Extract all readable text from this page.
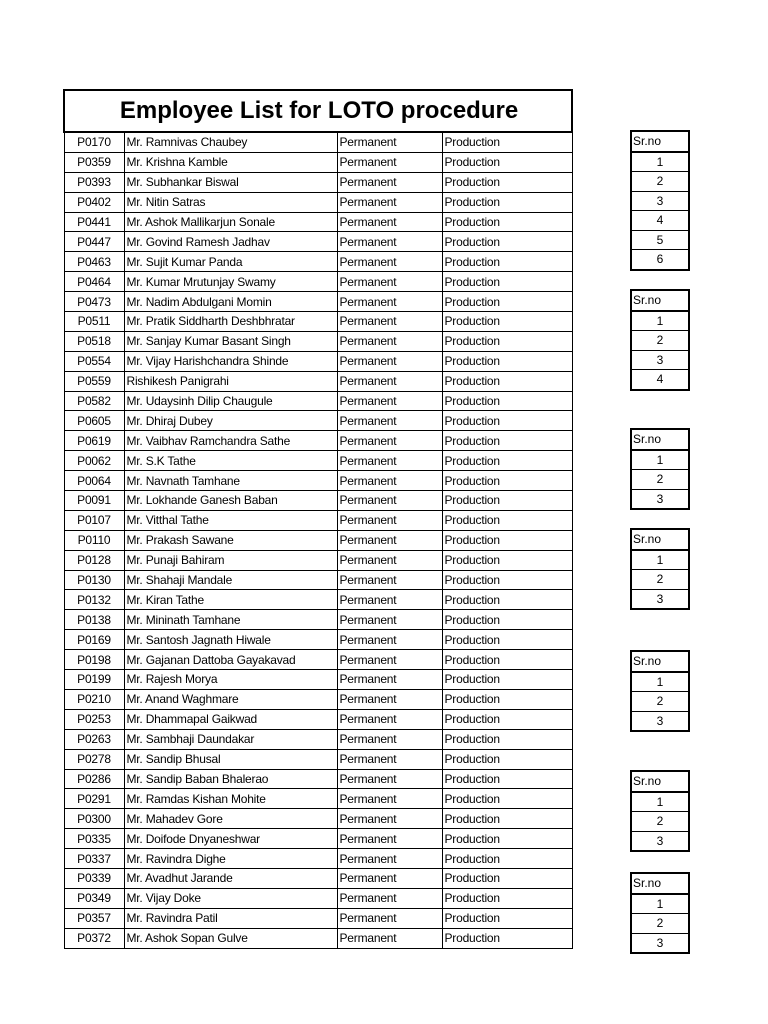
Employee List for LOTO procedure			
P0170	Mr. Ramnivas Chaubey	Permanent	Production
P0359	Mr. Krishna Kamble	Permanent	Production
P0393	Mr. Subhankar Biswal	Permanent	Production
P0402	Mr. Nitin Satras	Permanent	Production
P0441	Mr. Ashok Mallikarjun Sonale	Permanent	Production
P0447	Mr. Govind Ramesh Jadhav	Permanent	Production
P0463	Mr. Sujit Kumar Panda	Permanent	Production
P0464	Mr. Kumar Mrutunjay Swamy	Permanent	Production
P0473	Mr. Nadim Abdulgani Momin	Permanent	Production
P0511	Mr. Pratik Siddharth Deshbhratar	Permanent	Production
P0518	Mr. Sanjay Kumar Basant Singh	Permanent	Production
P0554	Mr. Vijay Harishchandra Shinde	Permanent	Production
P0559	Rishikesh Panigrahi	Permanent	Production
P0582	Mr. Udaysinh Dilip Chaugule	Permanent	Production
P0605	Mr. Dhiraj Dubey	Permanent	Production
P0619	Mr. Vaibhav Ramchandra Sathe	Permanent	Production
P0062	Mr. S.K Tathe	Permanent	Production
P0064	Mr. Navnath Tamhane	Permanent	Production
P0091	Mr. Lokhande Ganesh Baban	Permanent	Production
P0107	Mr. Vitthal Tathe	Permanent	Production
P0110	Mr. Prakash Sawane	Permanent	Production
P0128	Mr. Punaji Bahiram	Permanent	Production
P0130	Mr. Shahaji Mandale	Permanent	Production
P0132	Mr. Kiran Tathe	Permanent	Production
P0138	Mr. Mininath Tamhane	Permanent	Production
P0169	Mr. Santosh Jagnath Hiwale	Permanent	Production
P0198	Mr. Gajanan Dattoba Gayakavad	Permanent	Production
P0199	Mr. Rajesh Morya	Permanent	Production
P0210	Mr. Anand Waghmare	Permanent	Production
P0253	Mr. Dhammapal Gaikwad	Permanent	Production
P0263	Mr. Sambhaji Daundakar	Permanent	Production
P0278	Mr. Sandip Bhusal	Permanent	Production
P0286	Mr. Sandip Baban Bhalerao	Permanent	Production
P0291	Mr. Ramdas Kishan Mohite	Permanent	Production
P0300	Mr. Mahadev Gore	Permanent	Production
P0335	Mr. Doifode Dnyaneshwar	Permanent	Production
P0337	Mr. Ravindra Dighe	Permanent	Production
P0339	Mr. Avadhut Jarande	Permanent	Production
P0349	Mr. Vijay Doke	Permanent	Production
P0357	Mr. Ravindra Patil	Permanent	Production
P0372	Mr. Ashok Sopan Gulve	Permanent	Production
Sr.no
1
2
3
4
5
6
Sr.no
1
2
3
4
Sr.no
1
2
3
Sr.no
1
2
3
Sr.no
1
2
3
Sr.no
1
2
3
Sr.no
1
2
3
